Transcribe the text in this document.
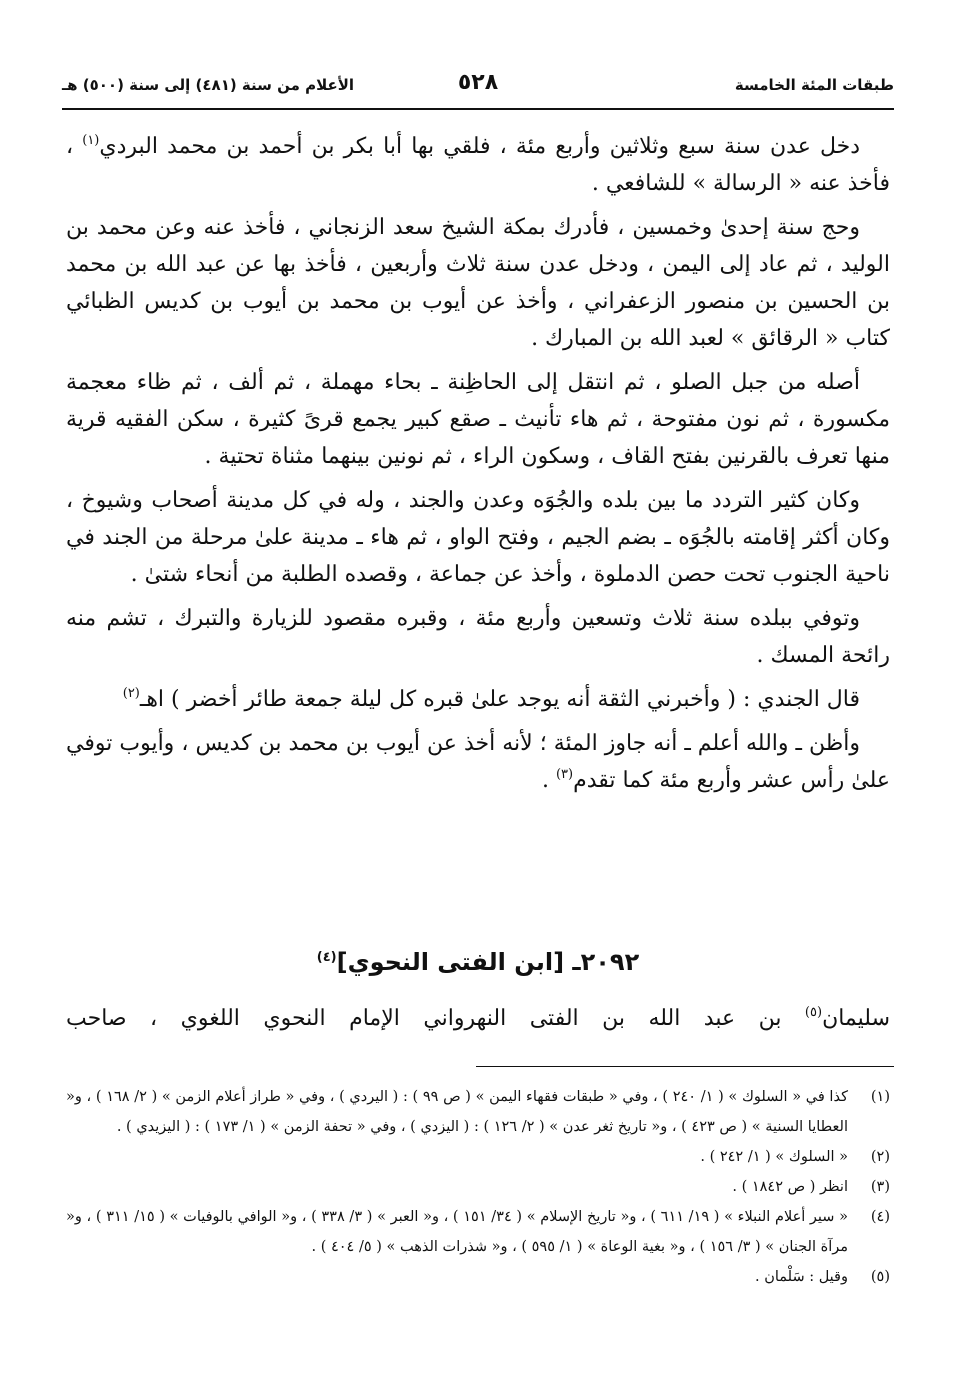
طبقات المئة الخامسة
٥٢٨
الأعلام من سنة (٤٨١) إلى سنة (٥٠٠) هـ

دخل عدن سنة سبع وثلاثين وأربع مئة ، فلقي بها أبا بكر بن أحمد بن محمد البردي$^{(١)}$ ، فأخذ عنه « الرسالة » للشافعي .

وحج سنة إحدىٰ وخمسين ، فأدرك بمكة الشيخ سعد الزنجاني ، فأخذ عنه وعن محمد بن الوليد ، ثم عاد إلى اليمن ، ودخل عدن سنة ثلاث وأربعين ، فأخذ بها عن عبد الله بن محمد بن الحسين بن منصور الزعفراني ، وأخذ عن أيوب بن محمد بن أيوب بن كديس الظبائي كتاب « الرقائق » لعبد الله بن المبارك .

أصله من جبل الصلو ، ثم انتقل إلى الحاظِنة ـ بحاء مهملة ، ثم ألف ، ثم ظاء معجمة مكسورة ، ثم نون مفتوحة ، ثم هاء تأنيث ـ صقع كبير يجمع قرىً كثيرة ، سكن الفقيه قرية منها تعرف بالقرنين بفتح القاف ، وسكون الراء ، ثم نونين بينهما مثناة تحتية .

وكان كثير التردد ما بين بلده والجُوَه وعدن والجند ، وله في كل مدينة أصحاب وشيوخ ، وكان أكثر إقامته بالجُوَه ـ بضم الجيم ، وفتح الواو ، ثم هاء ـ مدينة علىٰ مرحلة من الجند في ناحية الجنوب تحت حصن الدملوة ، وأخذ عن جماعة ، وقصده الطلبة من أنحاء شتىٰ .

وتوفي ببلده سنة ثلاث وتسعين وأربع مئة ، وقبره مقصود للزيارة والتبرك ، تشم منه رائحة المسك .

قال الجندي : ( وأخبرني الثقة أنه يوجد علىٰ قبره كل ليلة جمعة طائر أخضر ) اهـ$^{(٢)}$

وأظن ـ والله أعلم ـ أنه جاوز المئة ؛ لأنه أخذ عن أيوب بن محمد بن كديس ، وأيوب توفي علىٰ رأس عشر وأربع مئة كما تقدم$^{(٣)}$ .

٢٠٩٢ـ [ابن الفتى النحوي]$^{(٤)}$
سليمان$^{(٥)}$ بن عبد الله بن الفتى النهرواني الإمام النحوي اللغوي ، صاحب
(١)
كذا في « السلوك » ( ١/ ٢٤٠ ) ، وفي « طبقات فقهاء اليمن » ( ص ٩٩ ) : ( اليردي ) ، وفي « طراز أعلام الزمن » ( ٢/ ١٦٨ ) ، و« العطايا السنية » ( ص ٤٢٣ ) ، و« تاريخ ثغر عدن » ( ٢/ ١٢٦ ) : ( اليزدي ) ، وفي « تحفة الزمن » ( ١/ ١٧٣ ) : ( اليزيدي ) .
(٢)
« السلوك » ( ١/ ٢٤٢ ) .
(٣)
انظر ( ص ١٨٤٢ ) .
(٤)
« سير أعلام النبلاء » ( ١٩/ ٦١١ ) ، و« تاريخ الإسلام » ( ٣٤/ ١٥١ ) ، و« العبر » ( ٣/ ٣٣٨ ) ، و« الوافي بالوفيات » ( ١٥/ ٣١١ ) ، و« مرآة الجنان » ( ٣/ ١٥٦ ) ، و« بغية الوعاة » ( ١/ ٥٩٥ ) ، و« شذرات الذهب » ( ٥/ ٤٠٤ ) .
(٥)
وقيل : سَلْمان .
